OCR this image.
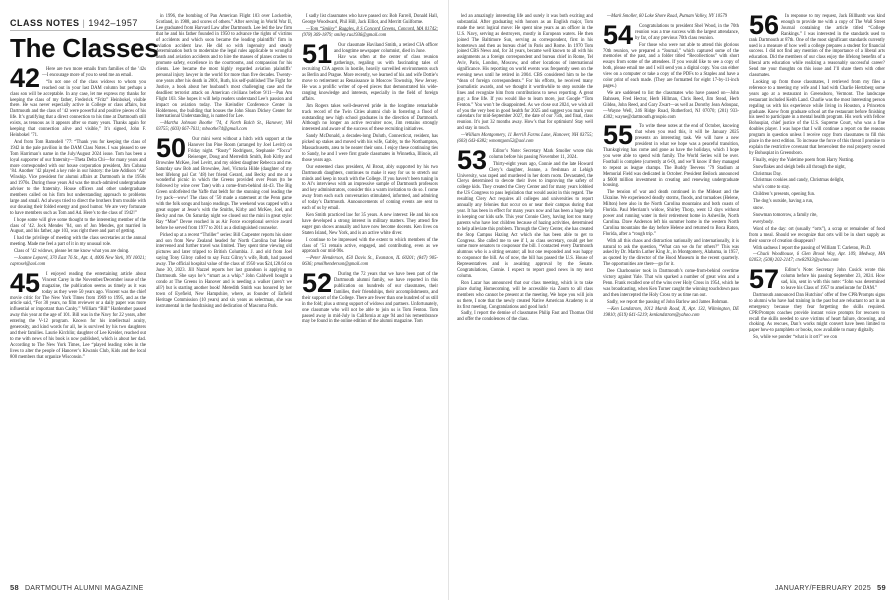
CLASS NOTES | 1942–1957
The Classes
42	Here are two more emails from families of the ’42s—I encourage more of you to send me an email.

“In not one of the class widows to whom you reached out in your last DAM column but perhaps a class son will be acceptable. In any case, let me express my thanks for keeping the class of my father, Frederick “Fritz” Heinbokel, visible there. He was never especially active in College or class affairs, but Dartmouth and the class of ’42 were powerful and positive pieces of his life. It’s gratifying that a direct connection to his time at Dartmouth still exists, as tenuous as it appears after so many years. Thanks again for keeping that connection alive and visible,” It’s signed, John F. Heinbokel ’71.

And from Tom Ramsdell ’77: “Thank you for keeping the class of 1942 in the pale pavilion in the DAM Class Notes. I was pleased to see Tom Harriman’s name in the July/August 2024 issue. Tom has been a loyal supporter of our fraternity—Theta Delta Chi—for many years and more corresponded with our house corporation president, Jim Cubana ’84. Another ’42 played a key role in our history: the late Addison ‘Ad’ Winship. Vice president for alumni affairs at Dartmouth in the 1950s and 1970s. During those years Ad was the much-admired undergraduate adviser to the fraternity. House officers and other undergraduate members called on his firm but understanding approach to problems large and small. Ad always tried to direct the brothers from trouble with our dousing their folded energy and good humor. We are very fortunate to have members such as Tom and Ad. Here’s to the class of 1942!”

I hope some will give some thought to the interesting member of the class of ’42. Jock Mendes ’84, son of Jon Mendes, got married in August, and his father, age 103, was right there and part of getting.

I had the privilege of meeting with the class secretaries at the annual meeting. Made me feel a part of it in my unusual role.

Class of ’42 widows, please let me know what you are doing.

—Joanne Leporel, 370 East 76 St., Apt. 4, 4006 New York, NY 10021; caprosel@aol.com

45	I enjoyed reading the entertaining article about Vincent Carey in the November/December issue of the magazine, the publication seems as timely as it was today as they were 50 years ago. Vincent was the chief movie critic for The New York Times from 1969 to 1995, and as the article said, “For 30 years, no film reviewer or a daily paper was more influential or important than Canby.” William “Bill” Hardenther passed away this year at the age of 101. Bill was in the Navy for 22 years, after entering the V-12 program. Known for his intellectual acuity, generosity, and kind words for all, he is survived by his two daughters and their families. Laurie Kirchlin; daughter of Lee Kreider, reached out to me with news of his book is now published, which is about her dad. According to The New York Times, Lee “played leading roles in the lives to alter the people of Hanover’s Kiwanis Club, Kids and the local 800 members that organize Wisconsin.”

in 1996, the bombing of Pan American Flight 103 over Lockerbie, Scotland, in 1988, and scores of others.” After serving in World War II, Lee graduated from Harvard Law after Dartmouth. Lee led the law firm that he and his father founded in 1950 to advance the rights of victims of accidents and which soon became the leading plaintiffs’ firm in aviation accident law. He did so with ingenuity and steady determination both to modernize the legal rules applicable to wrongful death and aviation accidents and to hire the masses of planes crashes to promote safety, excellence in the courtrooms, and compassion for his clients. Lee became the most highly regarded aviation plaintiffs’ personal injury lawyer in the world for more than five decades. Twenty-one years after his death in 2001, Ruth, his self-published The Fight for Justice, a book about her husband’s most challenging case and the deadliest terrorist attack on American civilians before 9/11—Pan Am Flight 103. She hopes it will help readers understand Lee’s passion and impact on aviation today. The Kreindler Conference Center in Holderness, the building that houses the John Sloan Dickey Center for International Understanding, is named for Lee.

—Martha Johnson Boothe ’74, 4 North Balch St., Hanover, NH 03755; (603) 667-7611; mboothe74@gmail.com

50	Our mini went without a hitch with support at the Hanover Inn Pine Room (arranged by Joel Levitt) on Friday night. “Rusty” Rodriguez, Stephanie “Tocca” Reisenger, Doug and Merredith Smith, Bob Kirby and Brownlee McKee, Joel Levitt, and my oldest daughter Rebecca and me. Saturday saw Bob and Brownlee, Joel, Victoria Hilde (daughter of my best lifelong pal Cot ’48) her friend Gerard, and Becky and me at a wonderful picnic in which the Greens provided over Pears (to be followed by wine over Tate) with a come-from-behind 44-43. The Big Green unforfeited the Yaffe that beldt for the stunning cool leading the Ivy pack—wow! The class of ’50 made a statement at the Penn game with the folk songs and banjo readings. The weekend was capped with a great supper at Jesse’s with the Smiths, Kirby and McKee, Joel, and Becky and me. On Saturday night we closed out the mini in great style: Ray “Moe” Devoe reached in as Air Force exceptional service award before he served from 1977 to 2011 as a distinguished counselor.

Picked up at a recent “Thriller” series: Bill Carpenter reports his sister and son from New Zealand headed for North Carolina but Helene intervened and further travel was limited. They spent time viewing old pictures and later tripped to British Columbia. J. and old from Joel saying Tony Gilroy called to say Fuzz Gilroy’s wife, Ruth, had passed away. The official hospital value of the class of 1950 was $24,128.64 on June 30, 2023. Jill Nazzel reports her last grandson is applying to Dartmouth. She says he’s “smart as a whip.” John Caldwell bought a condo at The Greens in Hanover and is needing a walker (aren’t we all?) but is starting another book! Meredith Smith was honored by her town of Eyefield, New Hampshire, where, as founder of Enfield Heritage Commission (10 years) and six years as selectman, she was instrumental in the fundraising and dedication of Mascoma Park.

I sadly list classmates who have passed on: Bob Farrell, Donald Hall, George Woodward, Phil Hill, Jack Elliot, and Merritt Guilforme.

—Tom “Smiley” Ruggles, 8 S Concord Greens, Concord, MA 01742; (978) 369-1879; smiley.rus1936@gmail.com

51	Our classmate Haviland Smith, a retired CIA officer and longtime newspaper columnist, died in June.

Hav was often at the center of class reunion gatherings, regaling us with fascinating tales of recruiting CIA agents in hostile, heavily surveilled environments such as Berlin and Prague. More recently, we learned of his and wife Dottie’s move to retirement as Renaissance in Moscow Township, New Jersey. He was a prolific writer of op-ed pieces that demonstrated his wide-ranging knowledge and interests, especially in the field of foreign affairs.

Jim Rogers takes well-deserved pride in the longtime remarkable track record of the Twin Cities alumni club in fostering a flood of outstanding new high school graduates in the direction of Dartmouth. Although no longer an active recruiter now, Jim remains strongly interested and aware of the success of these recruiting initiatives.

Sandy McDonald, a decades-long Duluth, Connecticut, resident, has picked up stakes and moved with his wife, Gabby, to the Northampton, Massachusetts, area to be nearer their sons. I enjoy these continuing ties to Sandy, he and I were first grade classmates in Winnetka, Illinois, all those years ago.

Our esteemed class president, Al Brout, ably supported by his two Dartmouth daughters, continues to make it easy for us to stretch our minds and keep in touch with the College. If you haven’t been tuning in to Al’s interviews with an impressive sample of Dartmouth professors and key administrators, consider this a warm invitation to do so. I come away from each such conversation stimulated, informed, and admiring of today’s Dartmouth. Announcements of coming events are sent to each of us by email.

Ken Smith practiced law for 35 years. A new interest: He and his son have developed a strong interest in military matters. They attend fire eager gun shows annually and have now become docents. Ken lives on Staten Island, New York, and is an active white diver.

I continue to be impressed with the extent to which members of the class of ’51 remain active, engaged, and contributing, even as we approach our mid-90s.

—Peter Henderson, 450 Davis St., Evanston, IL 60201; (847) 905-0636; pmollhenderson@gmail.com

52	During the 72 years that we have been part of the Dartmouth alumni family, we have reported in this publication on hundreds of our classmates, their families, their friendships, their accomplishments, and their support of the College. There are fewer than one hundred of us still in the fold; plus a strong support of widows and partners. Unfortunately, one classmate who will not be able to join us is Tom Fenton. Tom passed away in mid-July in California at age 94 and his remembrance may be found in the online edition of the alumni magazine. Tom

58 DARTMOUTH ALUMNI MAGAZINE

led an amazingly interesting life and surely it was both exciting and substantial. After graduating with honors as an English major, Tom made the next logical move: He spent nine years as an officer in the U.S. Navy, serving as destroyers, mostly in European waters. He then joined The Baltimore Sun, serving as correspondent, first in his hometown and then as bureau chief in Paris and Rome. In 1970 Tom joined CBS News and, for 34 years, became well known to all with his assignments as a foreign correspondent and bureau chief in Rome, Tel Aviv, Paris, London, Moscow, and other locations of international significance. His reporting on world events was frequently seen on the evening news until he retired in 2004. CBS considered him to be the “dean of foreign correspondents.” For his efforts, he received many journalistic awards, and we thought it worthwhile to step outside the lines and recognize him from contributions to news reporting. A great guy; a fine life. If you would like to learn more, just Google “Tom Fenton.” You won’t be disappointed. As we close out 2024, we wish all of you the very best in good health for 2025 and suggest you mark your calendars for mid-September 2027, the date of our 75th, and final, class reunion. It’s just 32 months away. How’s that for optimism! Stay well and stay in touch.

—William Montgomery, 11 Berrill Farms Lane, Hanover, NH 03755; (603) 643-6382; wmontgom52@aol.com

53	Editor’s Note: Secretary Mark Smoller wrote this column before his passing November 11, 2024.

Thirty-eight years ago, Connie and the late Howard Clery’s daughter, Jeanne, a freshman at Lehigh University, was raped and murdered in her dorm room. Devastated, the Clerys determined to devote their lives to improving the safety of college kids. They created the Clery Center and for many years lobbied the US Congress to pass legislation that would assist in this regard. The resulting Clery Act requires all colleges and universities to report annually any felonies that occur on or near their campus during that year. It has been in effect for many years now and has been a huge help in keeping our kids safe. This year Connie Clery, having lost too many parents who have lost children because of hazing activities, determined to help alleviate this problem. Through the Clery Center, she has created the Stop Campus Hazing Act which she has been able to get to Congress. She called me to see if I, as class secretary, could get her some more senators to cosponsor the bill. I contacted every Dartmouth alumnus who is a sitting senator; all but one responded and was happy to cosponsor the bill. As of now, the bill has passed the U.S. House of Representatives and is awaiting approval by the Senate. Congratulations, Connie. I expect to report good news in my next column.

Ron Lazar has announced that our class meeting, which is to take place during Homecoming, will be accessible via Zoom to all class members who cannot be present at the meeting. We hope you will join us there, I note that the newly created Native American Academy is at its first meeting. Congratulations and good luck!

Sadly, I report the demise of classmates Philip Fast and Thomas Old and offer the condolences of the class.

—Mark Smoller, 60 Lake Shore Road, Putnam Valley, NY 10579

54	Congratulations to president Shel Wood, in the 70th reunion was a true success with the largest attendance, by far, of any previous 70th class reunion.

For those who were not able to attend this glorious 70th reunion, we prepared a “Journal,” which captured some of the memories of the past, and a folder titled “Recollections” with short essays from some of the attendees. If you would like to see a copy of both, please email me and I will send you a digital copy. You can either view on a computer or take a copy of the PDFs to a Staples and have a color print of each made. (They are formatted for eight 17-by-11-inch pages.)

We are saddened to list the classmates who have passed on—John Bahnsen, Fred Hector, Herb Hillman, Chris Reed, Jim Stead, Herb Gildea, John Reed, and Gary Zwart—as well as Dorothy Jean Adoupaz, —Wayne Well, 246 Ridge Road, Rutherford, NJ 07070; (201) 933-4302; wayne@dartmouth.groupio.com

55	To write these notes at the end of October, knowing that when you read this, it will be January 2025 presents an interesting task. We will have a new president in what we hope was a peaceful transition, Thanksgiving has come and gone as have the holidays, which I hope you were able to spend with family. The World Series will be over. Football is complete (currently at 6-0), and we’ll know if they managed to repeat as league champs. The Buddy Teevens ’79 Stadium at Memorial Field was dedicated in October. President Beilock announced a $600 million investment in creating and renewing undergraduate housing.

The tension of war and death continued in the Mideast and the Ukraine. We experienced deadly storms, floods, and tornadoes (Helene, Milton) here also in the North Carolina mountains and both coasts of Florida. Paul Merriam’s widow, Shirley Thorp, went 12 days without power and running water in their retirement home in Asheville, North Carolina. Dave Anderson left his summer home in the western North Carolina mountains the day before Helene and returned to Boca Raton, Florida, after a “rough trip.”

With all this chaos and distraction nationally and internationally, it is natural to ask the question, “What can we do for others?” This was asked by Dr. Martin Luther King Jr., in Montgomery, Alabama, in 1957, as quoted by the director of the Hood Museum in the recent quarterly. The opportunities are there—go for it.

Dee Charbonnier took in Dartmouth’s come-from-behind overtime victory against Yale. That win sparked a number of great wins and a Penn. Frank recalled one of the wins over Holy Cross in 1954, which he was broadcasting, when Ken Turner caught the winning touchdown pass and then intercepted the Holy Cross try as time ran out.

Sadly, we report the passing of John Barlow and James Bohman.

—Ken Landstrom, 1012 Marsh Road, II, Apt. 132, Wilmington, DE 19810; (619) 641-5219; kenlandstrom@yahoo.com

56	In response to my request, Jack Billhardt was kind enough to provide me with a copy of The Wall Street Journal containing the article titled “College Rankings.” I was interested in the standards used to rank Dartmouth at 87th. One of the most significant standards currently used is a measure of how well a college prepares a student for financial success. I did not find any mention of the importance of a liberal arts education. Did the members of our class enjoy the lifelong benefits of a liberal arts education while realizing a reasonably successful career? Send me your thoughts on this issue and I’ll share them with other classmates.

Looking up from those classmates, I retrieved from my files a reference to a meeting my wife and I had with Charlie Hertzberg some years ago at a restaurant in Greensboro, Vermont. The landscape restaurant included Keith Land. Charlie was the most interesting person regaling us with his experience while living in Houston, a Princeton graduate. Knew from graduate school art the restaurant before finishing his need to participate in a mental health program. His work with fellow Bohuspiat, chief justice of the U.S. Supreme Court, who was a fine doubles player. I was hope that I will continue a report on the reasons program in question unless I receive copy from classmates to fill this place in the next edition. To increase the force of this threat I promise to explain the restrictive covenant that benevolent the real property owned by Bohuspiat in Greensboro.

Finally, enjoy the Yuletime poem from Harry Nutting.

Snowflakes and sleigh bells all through the night,

Christmas Day.

Christmas cookies and candy, Christmas delight,

who’s come to stay.

Children’s presents, opening fun.

The dog’s outside, having a run,

snow.

Snowman tomorrow, a family rite,

everybody.

Word of the day: ort (usually “orts”), a scrap or remainder of food from a meal. Should we recognize that orts will be in short supply as their source of creation disappears?

With sadness I report the passing of William T. Carleton, Ph.D.

—Chuck Woodhouse, 6 Glen Brook Way, Apt. 109, Medway, MA 02053; (508) 202-2147; ctw82933@yahoo.com

57	Editor’s Note: Secretary John Cusick wrote this column before his passing September 23, 2024. How sad, kin, sent in with this note: “John was determined to leave his Class of 1957 to ameliorate for DAM.”

Dartmouth announced Dan Hutchins’ offer of free CPR/Prompts signs to alumni who have had training in the past but are reluctant to act in an emergency because they fear forgetting the skills required. CPR/Prompts coaches provide instant voice prompts for rescuers to recall the skills needed to save victims of heart failure, drowning, and choking. As rescues, Dan’s works might convert have been limited to paper how-to pamphlets or books, now available to many digitally.

So, while we ponder “what is it ort?” we con

JANUARY/FEBRUARY 2025 59
